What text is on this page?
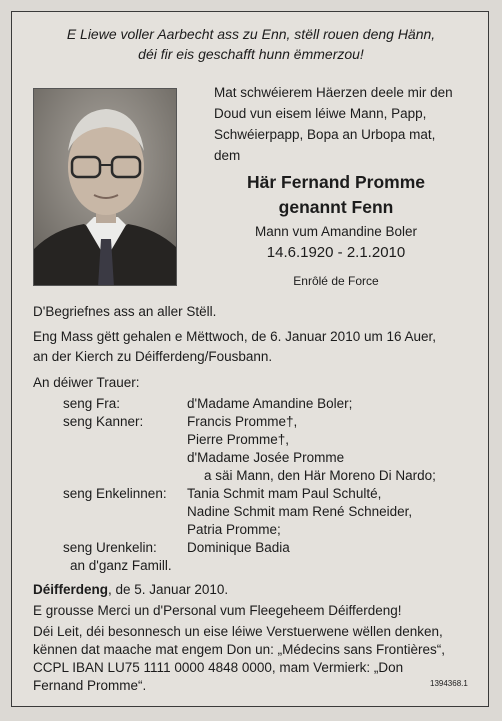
E Liewe voller Aarbecht ass zu Enn, stëll rouen deng Hänn,
déi fir eis geschafft hunn ëmmerzou!
Mat schwéierem Häerzen deele mir den
Doud vun eisem léiwe Mann, Papp,
Schwéierpapp, Bopa an Urbopa mat,
dem
Här Fernand Promme
genannt Fenn
Mann vum Amandine Boler
14.6.1920 - 2.1.2010
Enrôlé de Force
D'Begriefnes ass an aller Stëll.
Eng Mass gëtt gehalen e Mëttwoch, de 6. Januar 2010 um 16 Auer,
an der Kierch zu Déifferdeng/Fousbann.
An déiwer Trauer:
seng Fra:	d'Madame Amandine Boler;
seng Kanner:	Francis Promme†,
Pierre Promme†,
d'Madame Josée Promme
a säi Mann, den Här Moreno Di Nardo;
seng Enkelinnen: Tania Schmit mam Paul Schulté,
Nadine Schmit mam René Schneider,
Patria Promme;
seng Urenkelin: Dominique Badia
an d'ganz Famill.
Déifferdeng, de 5. Januar 2010.
E grousse Merci un d'Personal vum Fleegeheem Déifferdeng!
Déi Leit, déi besonnesch un eise léiwe Verstuerwene wëllen denken,
kënnen dat maache mat engem Don un: „Médecins sans Frontières“,
CCPL IBAN LU75 1111 0000 4848 0000, mam Vermierk: „Don
Fernand Promme“.	1394368.1
